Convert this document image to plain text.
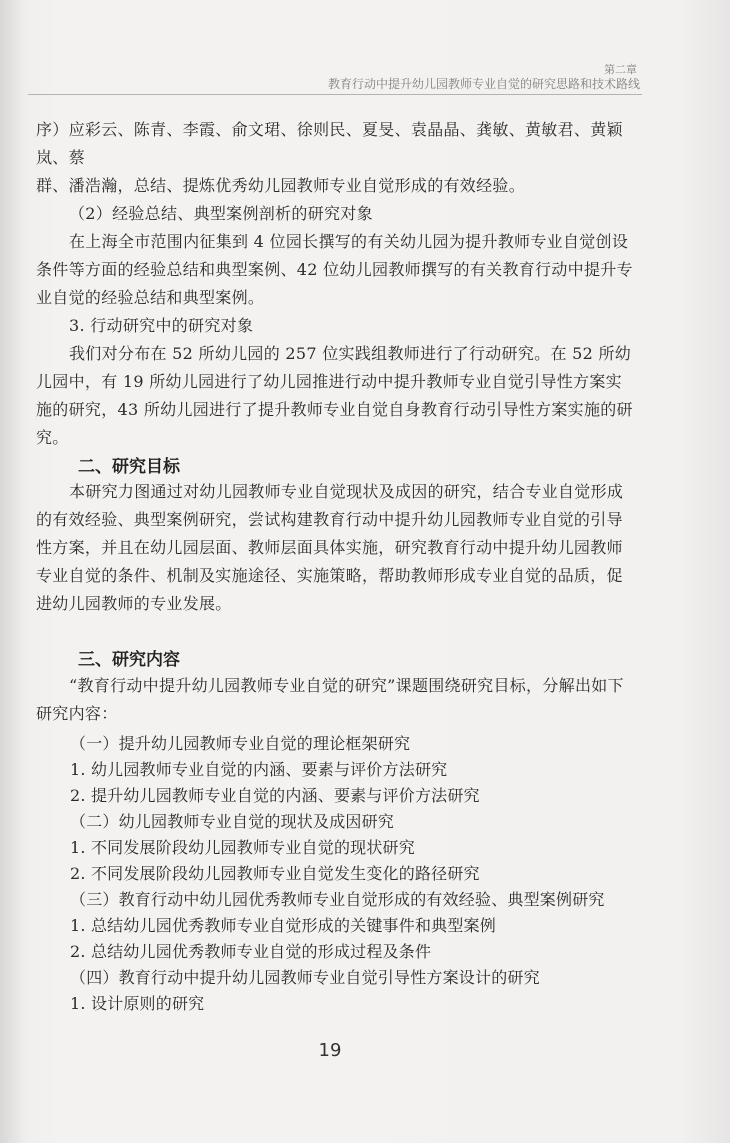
第二章
教育行动中提升幼儿园教师专业自觉的研究思路和技术路线

序）应彩云、陈青、李霞、俞文珺、徐则民、夏旻、袁晶晶、龚敏、黄敏君、黄颖岚、蔡

群、潘浩瀚，总结、提炼优秀幼儿园教师专业自觉形成的有效经验。

（2）经验总结、典型案例剖析的研究对象

在上海全市范围内征集到 4 位园长撰写的有关幼儿园为提升教师专业自觉创设条件等方面的经验总结和典型案例、42 位幼儿园教师撰写的有关教育行动中提升专业自觉的经验总结和典型案例。

3. 行动研究中的研究对象

我们对分布在 52 所幼儿园的 257 位实践组教师进行了行动研究。在 52 所幼儿园中，有 19 所幼儿园进行了幼儿园推进行动中提升教师专业自觉引导性方案实施的研究，43 所幼儿园进行了提升教师专业自觉自身教育行动引导性方案实施的研究。

二、研究目标

本研究力图通过对幼儿园教师专业自觉现状及成因的研究，结合专业自觉形成的有效经验、典型案例研究，尝试构建教育行动中提升幼儿园教师专业自觉的引导性方案，并且在幼儿园层面、教师层面具体实施，研究教育行动中提升幼儿园教师专业自觉的条件、机制及实施途径、实施策略，帮助教师形成专业自觉的品质，促进幼儿园教师的专业发展。

三、研究内容

“教育行动中提升幼儿园教师专业自觉的研究”课题围绕研究目标，分解出如下研究内容：

（一）提升幼儿园教师专业自觉的理论框架研究
1. 幼儿园教师专业自觉的内涵、要素与评价方法研究
2. 提升幼儿园教师专业自觉的内涵、要素与评价方法研究
（二）幼儿园教师专业自觉的现状及成因研究
1. 不同发展阶段幼儿园教师专业自觉的现状研究
2. 不同发展阶段幼儿园教师专业自觉发生变化的路径研究
（三）教育行动中幼儿园优秀教师专业自觉形成的有效经验、典型案例研究
1. 总结幼儿园优秀教师专业自觉形成的关键事件和典型案例
2. 总结幼儿园优秀教师专业自觉的形成过程及条件
（四）教育行动中提升幼儿园教师专业自觉引导性方案设计的研究
1. 设计原则的研究
19
